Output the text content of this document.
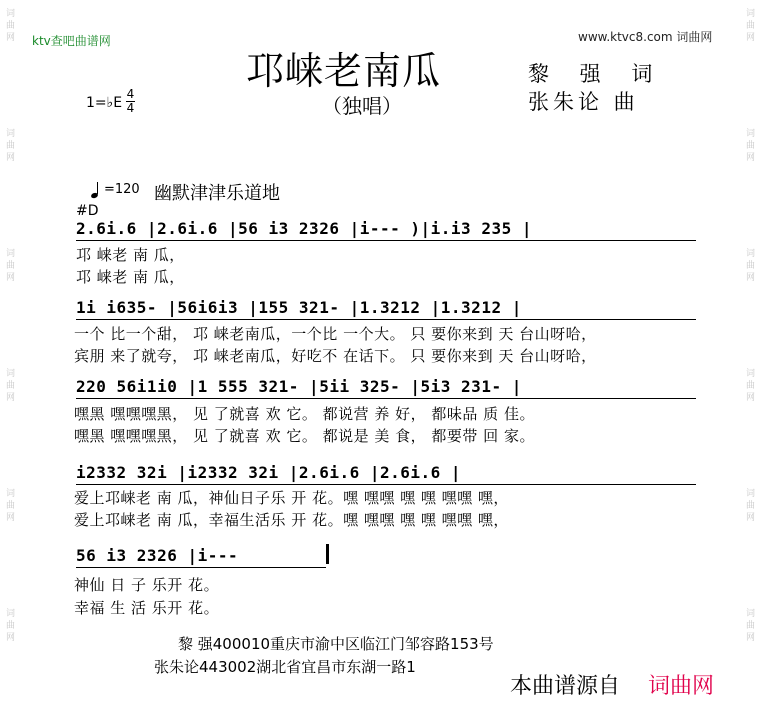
词
曲
网
词
曲
网
词
曲
网
词
曲
网
词
曲
网
词
曲
网
词
曲
网
词
曲
网
词
曲
网
词
曲
网
词
曲
网
词
曲
网
ktv查吧曲谱网	www.ktvc8.com 词曲网
邛崃老南瓜
（独唱）
黎 强 词
张朱论 曲
1=♭E
4
4
=120 幽默津津乐道地
#D
2.6i.6 |2.6i.6 |56 i3 2326 |i--- )|i.i3 235 |
邛 崃老 南 瓜，
邛 崃老 南 瓜，
1i i635- |56i6i3 |155 321- |1.3212 |1.3212 |
一个 比一个甜， 邛 崃老南瓜，一个比 一个大。 只 要你来到 天 台山呀哈，
宾朋 来了就夸， 邛 崃老南瓜，好吃不 在话下。 只 要你来到 天 台山呀哈，
220 56i1i0 |1 555 321- |5ii 325- |5i3 231- |
嘿黑 嘿嘿嘿黑， 见 了就喜 欢 它。 都说营 养 好， 都味品 质 佳。
嘿黑 嘿嘿嘿黑， 见 了就喜 欢 它。 都说是 美 食， 都要带 回 家。
i2332 32i |i2332 32i |2.6i.6 |2.6i.6 |
爱上邛崃老 南 瓜，神仙日子乐 开 花。嘿 嘿嘿 嘿 嘿 嘿嘿 嘿，
爱上邛崃老 南 瓜，幸福生活乐 开 花。嘿 嘿嘿 嘿 嘿 嘿嘿 嘿，
56 i3 2326 |i---
神仙 日 子 乐开 花。
幸福 生 活 乐开 花。
黎 强400010重庆市渝中区临江门邹容路153号
张朱论443002湖北省宜昌市东湖一路1
本曲谱源自 词曲网
